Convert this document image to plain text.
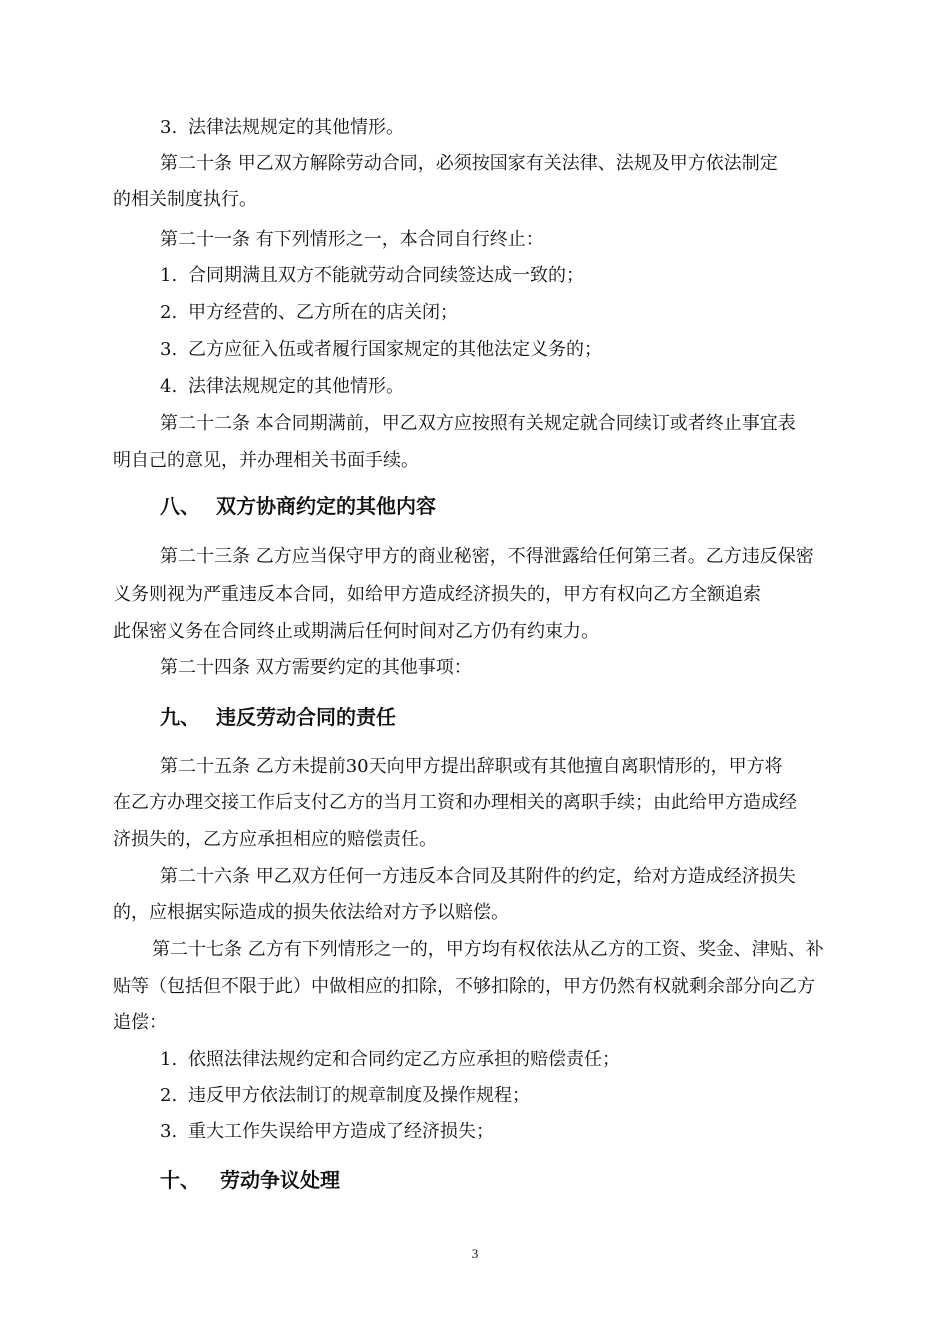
3. 法律法规规定的其他情形。
第二十条 甲乙双方解除劳动合同，必须按国家有关法律、法规及甲方依法制定
的相关制度执行。
第二十一条 有下列情形之一，本合同自行终止：
1. 合同期满且双方不能就劳动合同续签达成一致的；
2. 甲方经营的、乙方所在的店关闭；
3. 乙方应征入伍或者履行国家规定的其他法定义务的；
4. 法律法规规定的其他情形。
第二十二条 本合同期满前，甲乙双方应按照有关规定就合同续订或者终止事宜表
明自己的意见，并办理相关书面手续。
八、 双方协商约定的其他内容
第二十三条 乙方应当保守甲方的商业秘密，不得泄露给任何第三者。乙方违反保密
义务则视为严重违反本合同，如给甲方造成经济损失的，甲方有权向乙方全额追索
此保密义务在合同终止或期满后任何时间对乙方仍有约束力。
第二十四条 双方需要约定的其他事项：
九、 违反劳动合同的责任
第二十五条 乙方未提前30天向甲方提出辞职或有其他擅自离职情形的，甲方将
在乙方办理交接工作后支付乙方的当月工资和办理相关的离职手续；由此给甲方造成经
济损失的，乙方应承担相应的赔偿责任。
第二十六条 甲乙双方任何一方违反本合同及其附件的约定，给对方造成经济损失
的，应根据实际造成的损失依法给对方予以赔偿。
第二十七条 乙方有下列情形之一的，甲方均有权依法从乙方的工资、奖金、津贴、补
贴等（包括但不限于此）中做相应的扣除，不够扣除的，甲方仍然有权就剩余部分向乙方
追偿：
1. 依照法律法规约定和合同约定乙方应承担的赔偿责任；
2. 违反甲方依法制订的规章制度及操作规程；
3. 重大工作失误给甲方造成了经济损失；
十、 劳动争议处理
3
